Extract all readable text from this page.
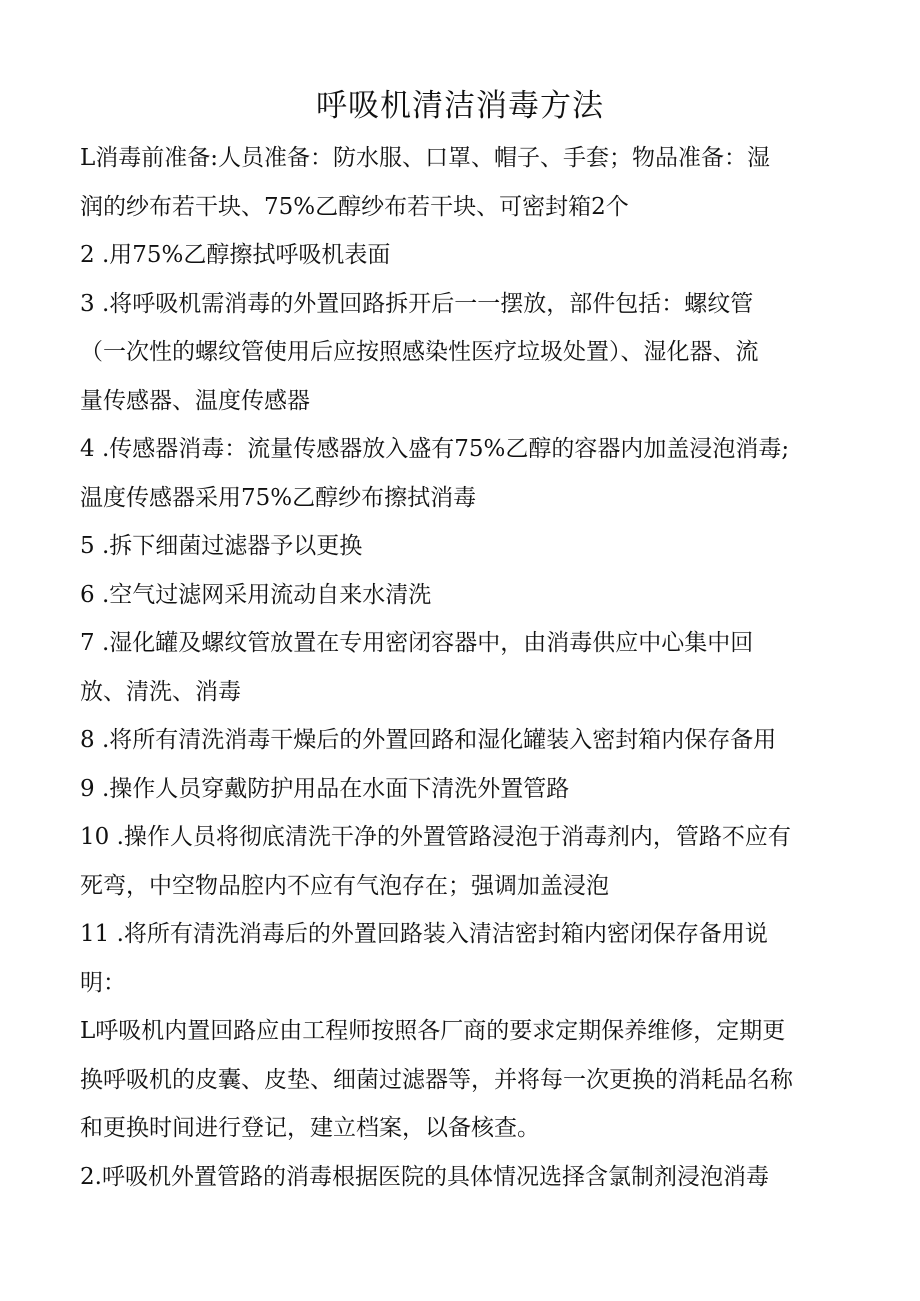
呼吸机清洁消毒方法
L消毒前准备:人员准备：防水服、口罩、帽子、手套；物品准备：湿
润的纱布若干块、75%乙醇纱布若干块、可密封箱2个
2 .用75%乙醇擦拭呼吸机表面
3 .将呼吸机需消毒的外置回路拆开后一一摆放，部件包括：螺纹管
（一次性的螺纹管使用后应按照感染性医疗垃圾处置）、湿化器、流
量传感器、温度传感器
4 .传感器消毒：流量传感器放入盛有75%乙醇的容器内加盖浸泡消毒;
温度传感器采用75%乙醇纱布擦拭消毒
5 .拆下细菌过滤器予以更换
6 .空气过滤网采用流动自来水清洗
7 .湿化罐及螺纹管放置在专用密闭容器中，由消毒供应中心集中回
放、清洗、消毒
8 .将所有清洗消毒干燥后的外置回路和湿化罐装入密封箱内保存备用
9 .操作人员穿戴防护用品在水面下清洗外置管路
10 .操作人员将彻底清洗干净的外置管路浸泡于消毒剂内，管路不应有
死弯，中空物品腔内不应有气泡存在；强调加盖浸泡
11 .将所有清洗消毒后的外置回路装入清洁密封箱内密闭保存备用说
明：
L呼吸机内置回路应由工程师按照各厂商的要求定期保养维修，定期更
换呼吸机的皮囊、皮垫、细菌过滤器等，并将每一次更换的消耗品名称
和更换时间进行登记，建立档案，以备核查。
2.呼吸机外置管路的消毒根据医院的具体情况选择含氯制剂浸泡消毒
